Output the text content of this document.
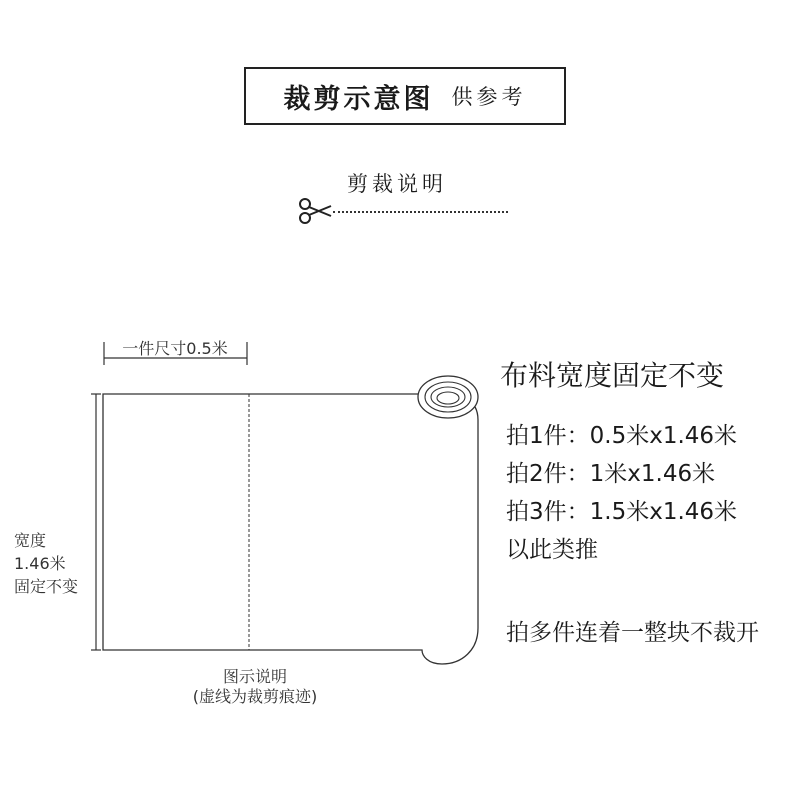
裁剪示意图 供参考
剪裁说明
一件尺寸0.5米
宽度
1.46米
固定不变
图示说明
(虚线为裁剪痕迹)
布料宽度固定不变
拍1件：0.5米x1.46米
拍2件：1米x1.46米
拍3件：1.5米x1.46米
以此类推
拍多件连着一整块不裁开
